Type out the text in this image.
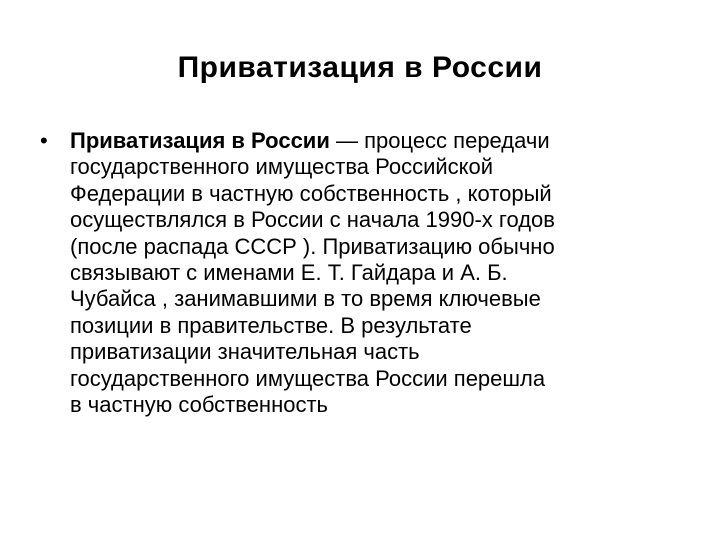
Приватизация в России
• Приватизация в России — процесс передачи
государственного имущества Российской
Федерации в частную собственность , который
осуществлялся в России с начала 1990-х годов
(после распада СССР ). Приватизацию обычно
связывают с именами Е. Т. Гайдара и А. Б.
Чубайса , занимавшими в то время ключевые
позиции в правительстве. В результате
приватизации значительная часть
государственного имущества России перешла
в частную собственность
